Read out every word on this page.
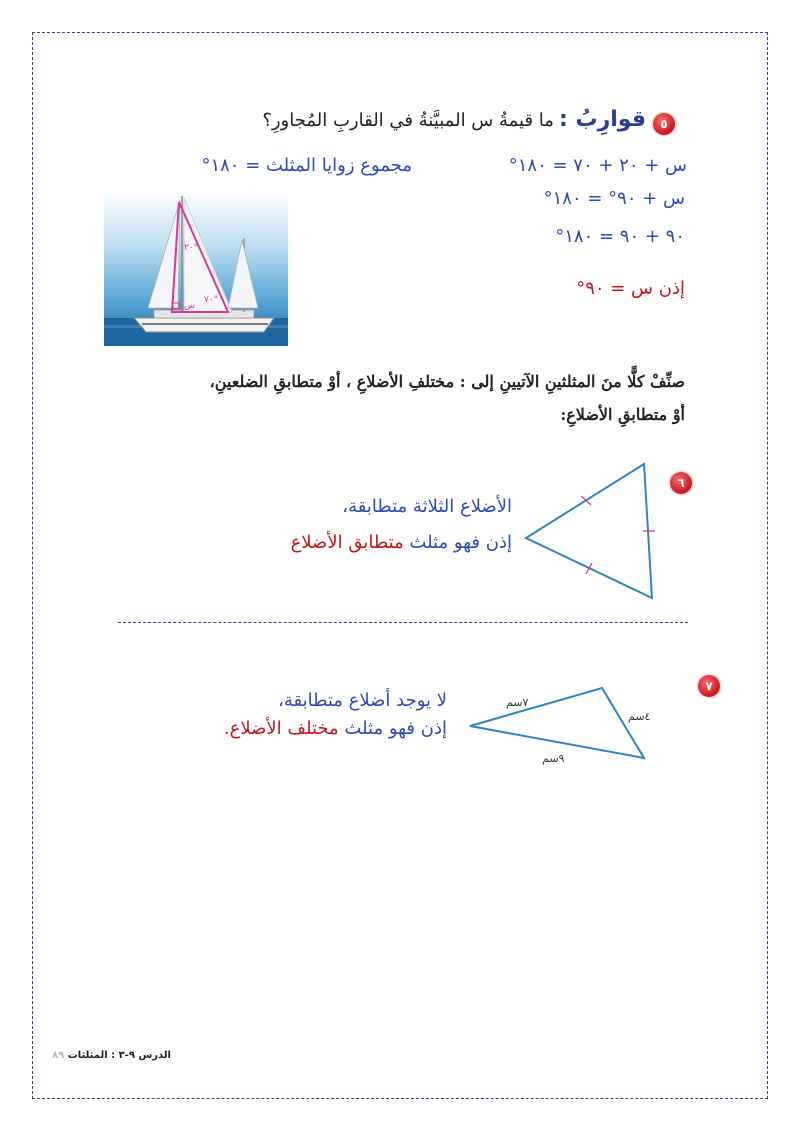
٥
قوارِبُ : ما قيمةُ س المبيَّنةُ في القاربِ المُجاورِ؟
س + ٢٠ + ٧٠ = ١٨٠°
مجموع زوايا المثلث = ١٨٠°
س + ٩٠° = ١٨٠°
٩٠ + ٩٠ = ١٨٠°
إذن س = ٩٠°
٢٠°
٧٠°
س
صنِّفْ كلًّا منَ المثلثينِ الآتيينِ إلى : مختلفِ الأضلاعِ ، أوْ متطابقِ الضلعينِ،
أوْ متطابقِ الأضلاعِ:
٦
الأضلاع الثلاثة متطابقة،
إذن فهو مثلث متطابق الأضلاع
٧
٧سم
٤سم
٩سم
لا يوجد أضلاع متطابقة،
إذن فهو مثلث مختلف الأضلاع.
الدرس ٩-٣ : المثلثات ٨٩
